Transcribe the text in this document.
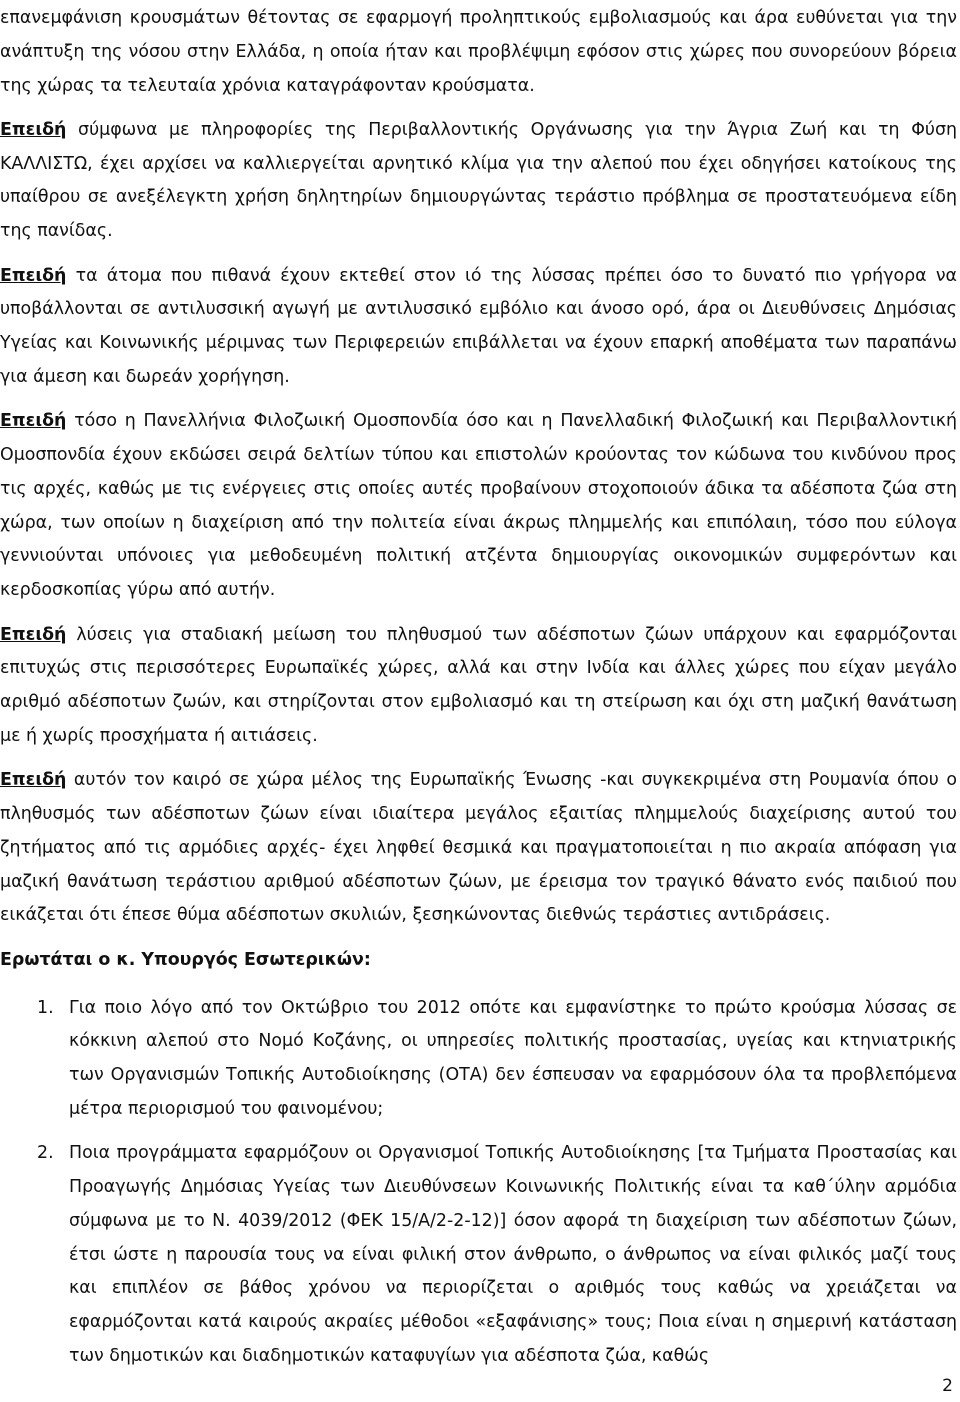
επανεμφάνιση κρουσμάτων θέτοντας σε εφαρμογή προληπτικούς εμβολιασμούς και άρα ευθύνεται για την ανάπτυξη της νόσου στην Ελλάδα, η οποία ήταν και προβλέψιμη εφόσον στις χώρες που συνορεύουν βόρεια της χώρας τα τελευταία χρόνια καταγράφονταν κρούσματα.

Επειδή σύμφωνα με πληροφορίες της Περιβαλλοντικής Οργάνωσης για την Άγρια Ζωή και τη Φύση ΚΑΛΛΙΣΤΩ, έχει αρχίσει να καλλιεργείται αρνητικό κλίμα για την αλεπού που έχει οδηγήσει κατοίκους της υπαίθρου σε ανεξέλεγκτη χρήση δηλητηρίων δημιουργώντας τεράστιο πρόβλημα σε προστατευόμενα είδη της πανίδας.

Επειδή τα άτομα που πιθανά έχουν εκτεθεί στον ιό της λύσσας πρέπει όσο το δυνατό πιο γρήγορα να υποβάλλονται σε αντιλυσσική αγωγή με αντιλυσσικό εμβόλιο και άνοσο ορό, άρα οι Διευθύνσεις Δημόσιας Υγείας και Κοινωνικής μέριμνας των Περιφερειών επιβάλλεται να έχουν επαρκή αποθέματα των παραπάνω για άμεση και δωρεάν χορήγηση.

Επειδή τόσο η Πανελλήνια Φιλοζωική Ομοσπονδία όσο και η Πανελλαδική Φιλοζωική και Περιβαλλοντική Ομοσπονδία έχουν εκδώσει σειρά δελτίων τύπου και επιστολών κρούοντας τον κώδωνα του κινδύνου προς τις αρχές, καθώς με τις ενέργειες στις οποίες αυτές προβαίνουν στοχοποιούν άδικα τα αδέσποτα ζώα στη χώρα, των οποίων η διαχείριση από την πολιτεία είναι άκρως πλημμελής και επιπόλαιη, τόσο που εύλογα γεννιούνται υπόνοιες για μεθοδευμένη πολιτική ατζέντα δημιουργίας οικονομικών συμφερόντων και κερδοσκοπίας γύρω από αυτήν.

Επειδή λύσεις για σταδιακή μείωση του πληθυσμού των αδέσποτων ζώων υπάρχουν και εφαρμόζονται επιτυχώς στις περισσότερες Ευρωπαϊκές χώρες, αλλά και στην Ινδία και άλλες χώρες που είχαν μεγάλο αριθμό αδέσποτων ζωών, και στηρίζονται στον εμβολιασμό και τη στείρωση και όχι στη μαζική θανάτωση με ή χωρίς προσχήματα ή αιτιάσεις.

Επειδή αυτόν τον καιρό σε χώρα μέλος της Ευρωπαϊκής Ένωσης -και συγκεκριμένα στη Ρουμανία όπου ο πληθυσμός των αδέσποτων ζώων είναι ιδιαίτερα μεγάλος εξαιτίας πλημμελούς διαχείρισης αυτού του ζητήματος από τις αρμόδιες αρχές- έχει ληφθεί θεσμικά και πραγματοποιείται η πιο ακραία απόφαση για μαζική θανάτωση τεράστιου αριθμού αδέσποτων ζώων, με έρεισμα τον τραγικό θάνατο ενός παιδιού που εικάζεται ότι έπεσε θύμα αδέσποτων σκυλιών, ξεσηκώνοντας διεθνώς τεράστιες αντιδράσεις.

Ερωτάται ο κ. Υπουργός Εσωτερικών:

1. Για ποιο λόγο από τον Οκτώβριο του 2012 οπότε και εμφανίστηκε το πρώτο κρούσμα λύσσας σε κόκκινη αλεπού στο Νομό Κοζάνης, οι υπηρεσίες πολιτικής προστασίας, υγείας και κτηνιατρικής των Οργανισμών Τοπικής Αυτοδιοίκησης (ΟΤΑ) δεν έσπευσαν να εφαρμόσουν όλα τα προβλεπόμενα μέτρα περιορισμού του φαινομένου;

2. Ποια προγράμματα εφαρμόζουν οι Οργανισμοί Τοπικής Αυτοδιοίκησης [τα Τμήματα Προστασίας και Προαγωγής Δημόσιας Υγείας των Διευθύνσεων Κοινωνικής Πολιτικής είναι τα καθ΄ύλην αρμόδια σύμφωνα με το Ν. 4039/2012 (ΦΕΚ 15/Α/2-2-12)] όσον αφορά τη διαχείριση των αδέσποτων ζώων, έτσι ώστε η παρουσία τους να είναι φιλική στον άνθρωπο, ο άνθρωπος να είναι φιλικός μαζί τους και επιπλέον σε βάθος χρόνου να περιορίζεται ο αριθμός τους καθώς να χρειάζεται να εφαρμόζονται κατά καιρούς ακραίες μέθοδοι «εξαφάνισης» τους; Ποια είναι η σημερινή κατάσταση των δημοτικών και διαδημοτικών καταφυγίων για αδέσποτα ζώα, καθώς

2
